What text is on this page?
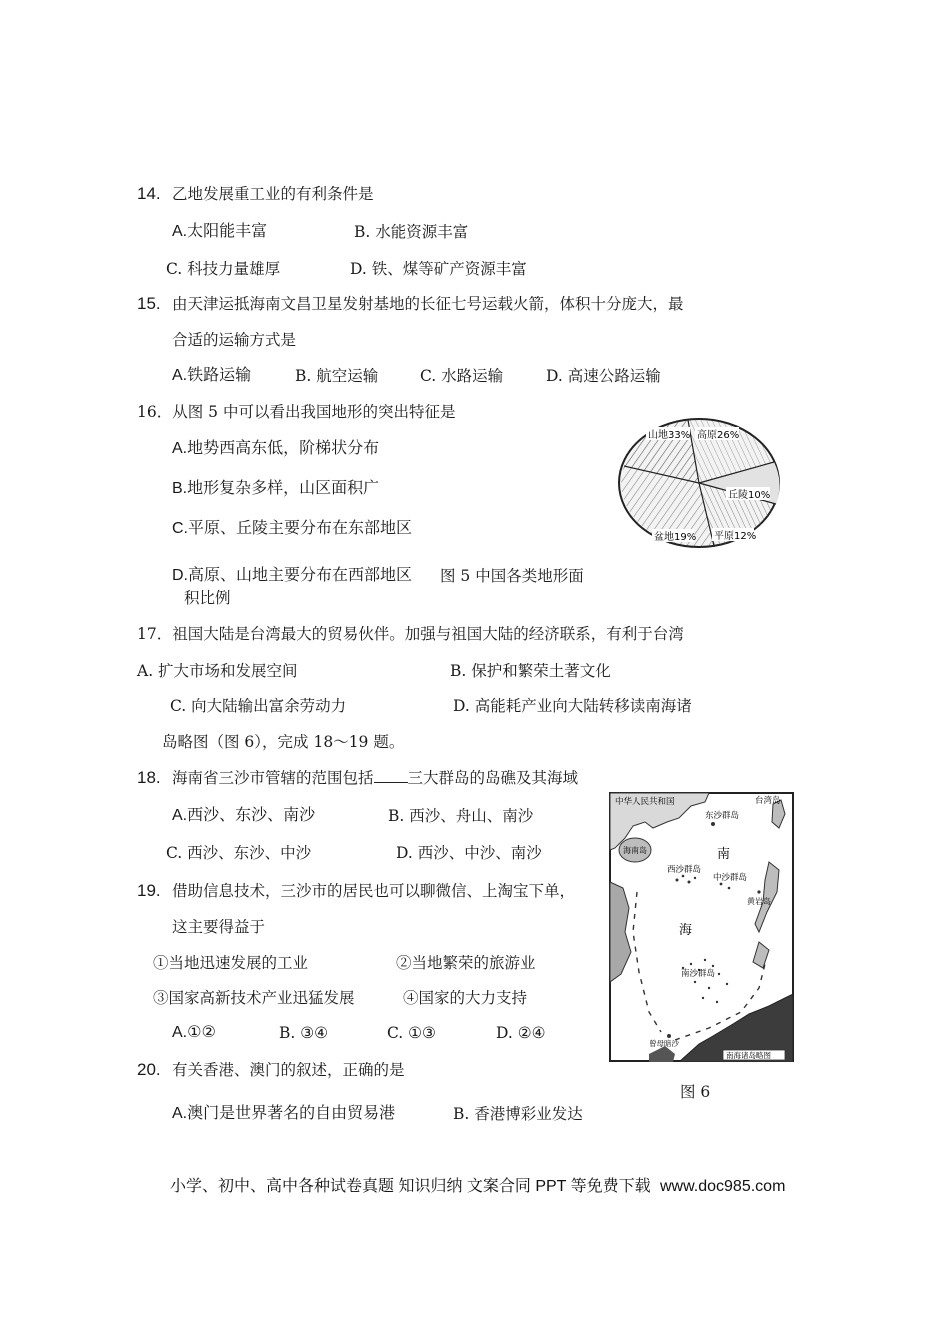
14. 乙地发展重工业的有利条件是
A.太阳能丰富	B. 水能资源丰富
C. 科技力量雄厚	D. 铁、煤等矿产资源丰富
15. 由天津运抵海南文昌卫星发射基地的长征七号运载火箭，体积十分庞大，最
合适的运输方式是
A.铁路运输	B. 航空运输	C. 水路运输	D. 高速公路运输
16．从图 5 中可以看出我国地形的突出特征是
A.地势西高东低，阶梯状分布
B.地形复杂多样，山区面积广
C.平原、丘陵主要分布在东部地区
D.高原、山地主要分布在西部地区 图 5 中国各类地形面
积比例
山地33% 高原26%
丘陵10%
平原12%
盆地19%
17．祖国大陆是台湾最大的贸易伙伴。加强与祖国大陆的经济联系，有利于台湾
A. 扩大市场和发展空间	B. 保护和繁荣土著文化
C. 向大陆输出富余劳动力	D. 高能耗产业向大陆转移读南海诸
岛略图（图 6），完成 18～19 题。
18. 海南省三沙市管辖的范围包括 三大群岛的岛礁及其海域
A.西沙、东沙、南沙	B. 西沙、舟山、南沙
C. 西沙、东沙、中沙	D. 西沙、中沙、南沙
19. 借助信息技术，三沙市的居民也可以聊微信、上淘宝下单，
这主要得益于
①当地迅速发展的工业	②当地繁荣的旅游业
③国家高新技术产业迅猛发展	④国家的大力支持
A.①②	B. ③④	C. ①③	D. ②④
中华人民共和国	台湾岛
海南岛
东沙群岛
西沙群岛
中沙群岛
黄岩岛
南
海
南沙群岛
曾母暗沙
南海诸岛略图
图 6
20. 有关香港、澳门的叙述，正确的是
A.澳门是世界著名的自由贸易港	B. 香港博彩业发达
小学、初中、高中各种试卷真题 知识归纳 文案合同 PPT 等免费下载 www.doc985.com
